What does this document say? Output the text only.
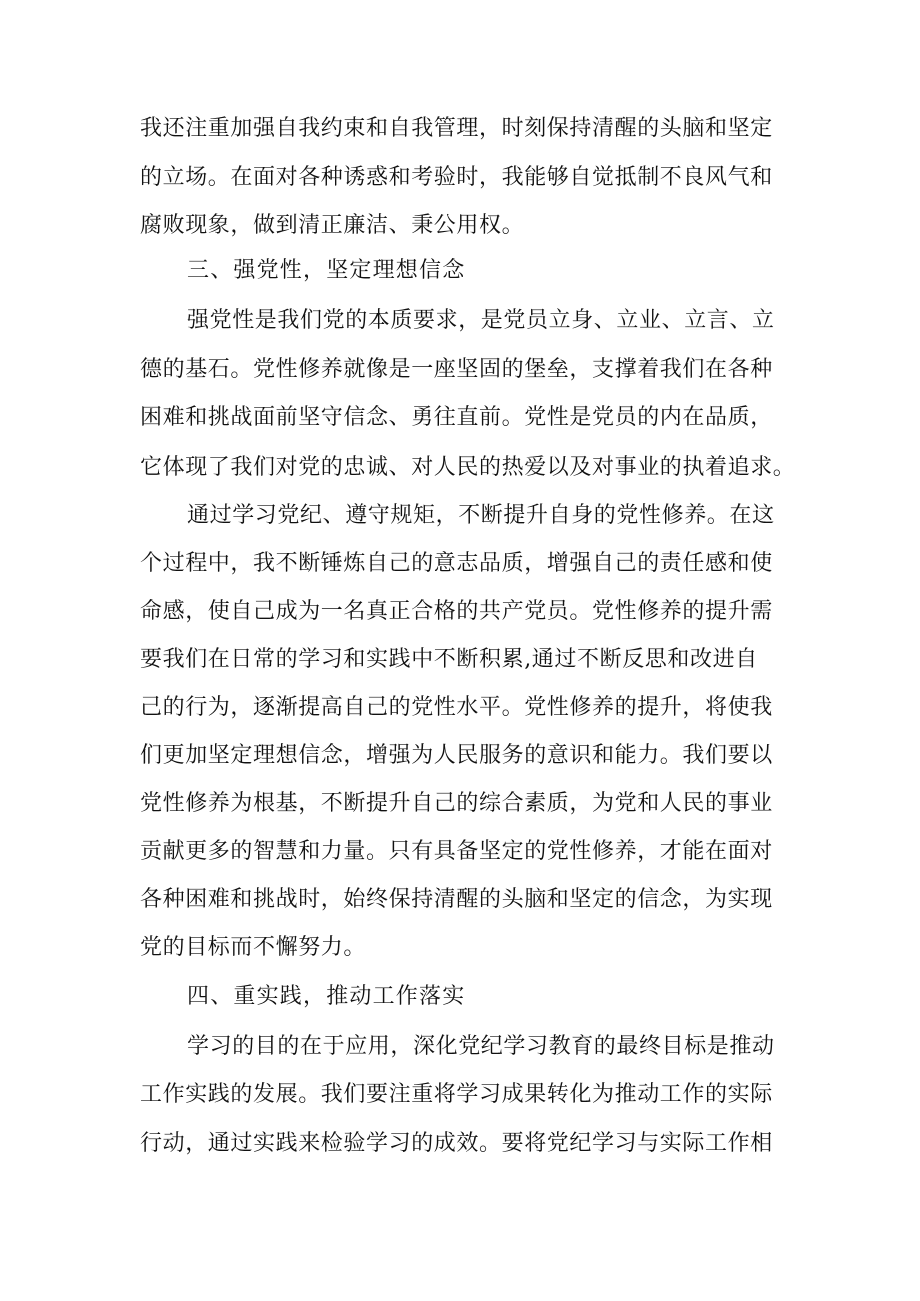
我还注重加强自我约束和自我管理，时刻保持清醒的头脑和坚定
的立场。在面对各种诱惑和考验时，我能够自觉抵制不良风气和
腐败现象，做到清正廉洁、秉公用权。
三、强党性，坚定理想信念
强党性是我们党的本质要求，是党员立身、立业、立言、立
德的基石。党性修养就像是一座坚固的堡垒，支撑着我们在各种
困难和挑战面前坚守信念、勇往直前。党性是党员的内在品质，
它体现了我们对党的忠诚、对人民的热爱以及对事业的执着追求。
通过学习党纪、遵守规矩，不断提升自身的党性修养。在这
个过程中，我不断锤炼自己的意志品质，增强自己的责任感和使
命感，使自己成为一名真正合格的共产党员。党性修养的提升需
要我们在日常的学习和实践中不断积累,通过不断反思和改进自
己的行为，逐渐提高自己的党性水平。党性修养的提升，将使我
们更加坚定理想信念，增强为人民服务的意识和能力。我们要以
党性修养为根基，不断提升自己的综合素质，为党和人民的事业
贡献更多的智慧和力量。只有具备坚定的党性修养，才能在面对
各种困难和挑战时，始终保持清醒的头脑和坚定的信念，为实现
党的目标而不懈努力。
四、重实践，推动工作落实
学习的目的在于应用，深化党纪学习教育的最终目标是推动
工作实践的发展。我们要注重将学习成果转化为推动工作的实际
行动，通过实践来检验学习的成效。要将党纪学习与实际工作相
